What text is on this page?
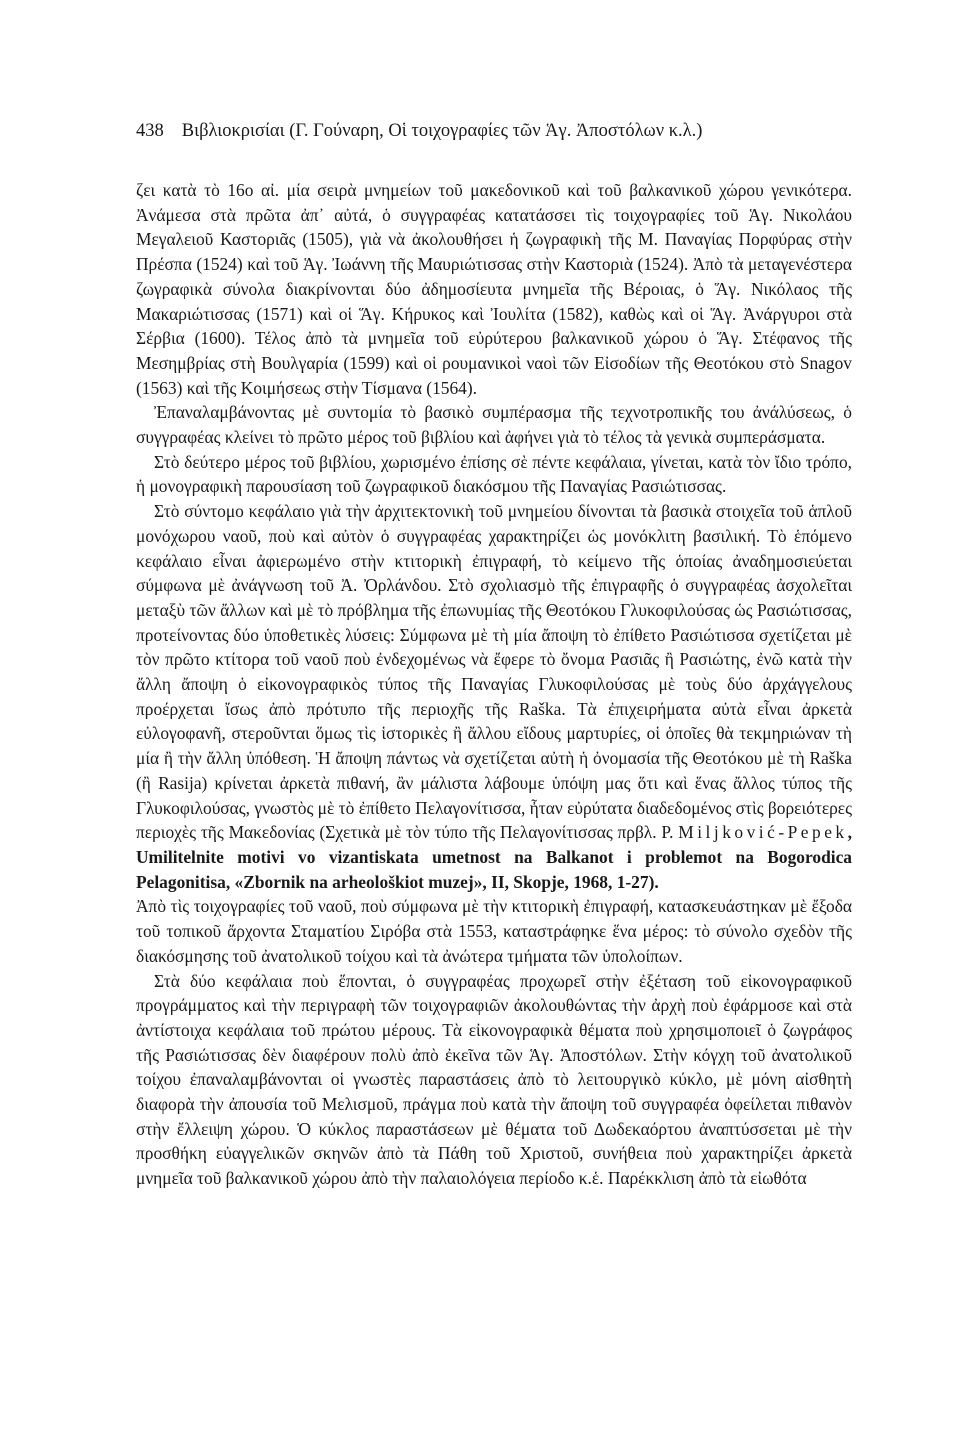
438 Βιβλιοκρισίαι (Γ. Γούναρη, Οἱ τοιχογραφίες τῶν Ἁγ. Ἀποστόλων κ.λ.)

ζει κατὰ τὸ 16ο αἰ. μία σειρὰ μνημείων τοῦ μακεδονικοῦ καὶ τοῦ βαλκανικοῦ χώρου γενικότερα. Ἀνάμεσα στὰ πρῶτα ἀπ᾿ αὐτά, ὁ συγγραφέας κατατάσσει τὶς τοιχογραφίες τοῦ Ἁγ. Νικολάου Μεγαλειοῦ Καστοριᾶς (1505), γιὰ νὰ ἀκολουθήσει ἡ ζωγραφικὴ τῆς Μ. Παναγίας Πορφύρας στὴν Πρέσπα (1524) καὶ τοῦ Ἁγ. Ἰωάννη τῆς Μαυριώτισσας στὴν Καστοριὰ (1524). Ἀπὸ τὰ μεταγενέστερα ζωγραφικὰ σύνολα διακρίνονται δύο ἀδημοσίευτα μνημεῖα τῆς Βέροιας, ὁ Ἅγ. Νικόλαος τῆς Μακαριώτισσας (1571) καὶ οἱ Ἅγ. Κήρυκος καὶ Ἰουλίτα (1582), καθὼς καὶ οἱ Ἅγ. Ἀνάργυροι στὰ Σέρβια (1600). Τέλος ἀπὸ τὰ μνημεῖα τοῦ εὐρύτερου βαλκανικοῦ χώρου ὁ Ἅγ. Στέφανος τῆς Μεσημβρίας στὴ Βουλγαρία (1599) καὶ οἱ ρουμανικοὶ ναοὶ τῶν Εἰσοδίων τῆς Θεοτόκου στὸ Snagov (1563) καὶ τῆς Κοιμήσεως στὴν Τίσμανα (1564).

Ἐπαναλαμβάνοντας μὲ συντομία τὸ βασικὸ συμπέρασμα τῆς τεχνοτροπικῆς του ἀνάλύσεως, ὁ συγγραφέας κλείνει τὸ πρῶτο μέρος τοῦ βιβλίου καὶ ἀφήνει γιὰ τὸ τέλος τὰ γενικὰ συμπεράσματα.

Στὸ δεύτερο μέρος τοῦ βιβλίου, χωρισμένο ἐπίσης σὲ πέντε κεφάλαια, γίνεται, κατὰ τὸν ἴδιο τρόπο, ἡ μονογραφικὴ παρουσίαση τοῦ ζωγραφικοῦ διακόσμου τῆς Παναγίας Ρασιώτισσας.

Στὸ σύντομο κεφάλαιο γιὰ τὴν ἀρχιτεκτονικὴ τοῦ μνημείου δίνονται τὰ βασικὰ στοιχεῖα τοῦ ἁπλοῦ μονόχωρου ναοῦ, ποὺ καὶ αὐτὸν ὁ συγγραφέας χαρακτηρίζει ὡς μονόκλιτη βασιλική. Τὸ ἑπόμενο κεφάλαιο εἶναι ἀφιερωμένο στὴν κτιτορικὴ ἐπιγραφή, τὸ κείμενο τῆς ὁποίας ἀναδημοσιεύεται σύμφωνα μὲ ἀνάγνωση τοῦ Ἀ. Ὀρλάνδου. Στὸ σχολιασμὸ τῆς ἐπιγραφῆς ὁ συγγραφέας ἀσχολεῖται μεταξὺ τῶν ἄλλων καὶ μὲ τὸ πρόβλημα τῆς ἐπωνυμίας τῆς Θεοτόκου Γλυκοφιλούσας ὡς Ρασιώτισσας, προτείνοντας δύο ὑποθετικὲς λύσεις: Σύμφωνα μὲ τὴ μία ἄποψη τὸ ἐπίθετο Ρασιώτισσα σχετίζεται μὲ τὸν πρῶτο κτίτορα τοῦ ναοῦ ποὺ ἐνδεχομένως νὰ ἔφερε τὸ ὄνομα Ρασιᾶς ἢ Ρασιώτης, ἐνῶ κατὰ τὴν ἄλλη ἄποψη ὁ εἰκονογραφικὸς τύπος τῆς Παναγίας Γλυκοφιλούσας μὲ τοὺς δύο ἀρχάγγελους προέρχεται ἴσως ἀπὸ πρότυπο τῆς περιοχῆς τῆς Raška. Τὰ ἐπιχειρήματα αὐτὰ εἶναι ἀρκετὰ εὐλογοφανῆ, στεροῦνται ὅμως τὶς ἱστορικὲς ἢ ἄλλου εἴδους μαρτυρίες, οἱ ὁποῖες θὰ τεκμηριώναν τὴ μία ἢ τὴν ἄλλη ὑπόθεση. Ἡ ἄποψη πάντως νὰ σχετίζεται αὐτὴ ἡ ὀνομασία τῆς Θεοτόκου μὲ τὴ Raška (ἢ Rasija) κρίνεται ἀρκετὰ πιθανή, ἂν μάλιστα λάβουμε ὑπόψη μας ὅτι καὶ ἕνας ἄλλος τύπος τῆς Γλυκοφιλούσας, γνωστὸς μὲ τὸ ἐπίθετο Πελαγονίτισσα, ἦταν εὐρύτατα διαδεδομένος στὶς βορειότερες περιοχὲς τῆς Μακεδονίας (Σχετικὰ μὲ τὸν τύπο τῆς Πελαγονίτισσας πρβλ. P. Miljković-Pepek, Umilitelnite motivi vo vizantiskata umetnost na Balkanot i problemot na Bogorodica Pelagonitisa, «Zbornik na arheološkiot muzej», II, Skopje, 1968, 1-27).

Ἀπὸ τὶς τοιχογραφίες τοῦ ναοῦ, ποὺ σύμφωνα μὲ τὴν κτιτορικὴ ἐπιγραφή, κατασκευάστηκαν μὲ ἔξοδα τοῦ τοπικοῦ ἄρχοντα Σταματίου Σιρόβα στὰ 1553, καταστράφηκε ἕνα μέρος: τὸ σύνολο σχεδὸν τῆς διακόσμησης τοῦ ἀνατολικοῦ τοίχου καὶ τὰ ἀνώτερα τμήματα τῶν ὑπολοίπων.

Στὰ δύο κεφάλαια ποὺ ἕπονται, ὁ συγγραφέας προχωρεῖ στὴν ἐξέταση τοῦ εἰκονογραφικοῦ προγράμματος καὶ τὴν περιγραφὴ τῶν τοιχογραφιῶν ἀκολουθώντας τὴν ἀρχὴ ποὺ ἐφάρμοσε καὶ στὰ ἀντίστοιχα κεφάλαια τοῦ πρώτου μέρους. Τὰ εἰκονογραφικὰ θέματα ποὺ χρησιμοποιεῖ ὁ ζωγράφος τῆς Ρασιώτισσας δὲν διαφέρουν πολὺ ἀπὸ ἐκεῖνα τῶν Ἁγ. Ἀποστόλων. Στὴν κόγχη τοῦ ἀνατολικοῦ τοίχου ἐπαναλαμβάνονται οἱ γνωστὲς παραστάσεις ἀπὸ τὸ λειτουργικὸ κύκλο, μὲ μόνη αἰσθητὴ διαφορὰ τὴν ἀπουσία τοῦ Μελισμοῦ, πράγμα ποὺ κατὰ τὴν ἄποψη τοῦ συγγραφέα ὀφείλεται πιθανὸν στὴν ἔλλειψη χώρου. Ὁ κύκλος παραστάσεων μὲ θέματα τοῦ Δωδεκαόρτου ἀναπτύσσεται μὲ τὴν προσθήκη εὐαγγελικῶν σκηνῶν ἀπὸ τὰ Πάθη τοῦ Χριστοῦ, συνήθεια ποὺ χαρακτηρίζει ἀρκετὰ μνημεῖα τοῦ βαλκανικοῦ χώρου ἀπὸ τὴν παλαιολόγεια περίοδο κ.ἑ. Παρέκκλιση ἀπὸ τὰ εἰωθότα
